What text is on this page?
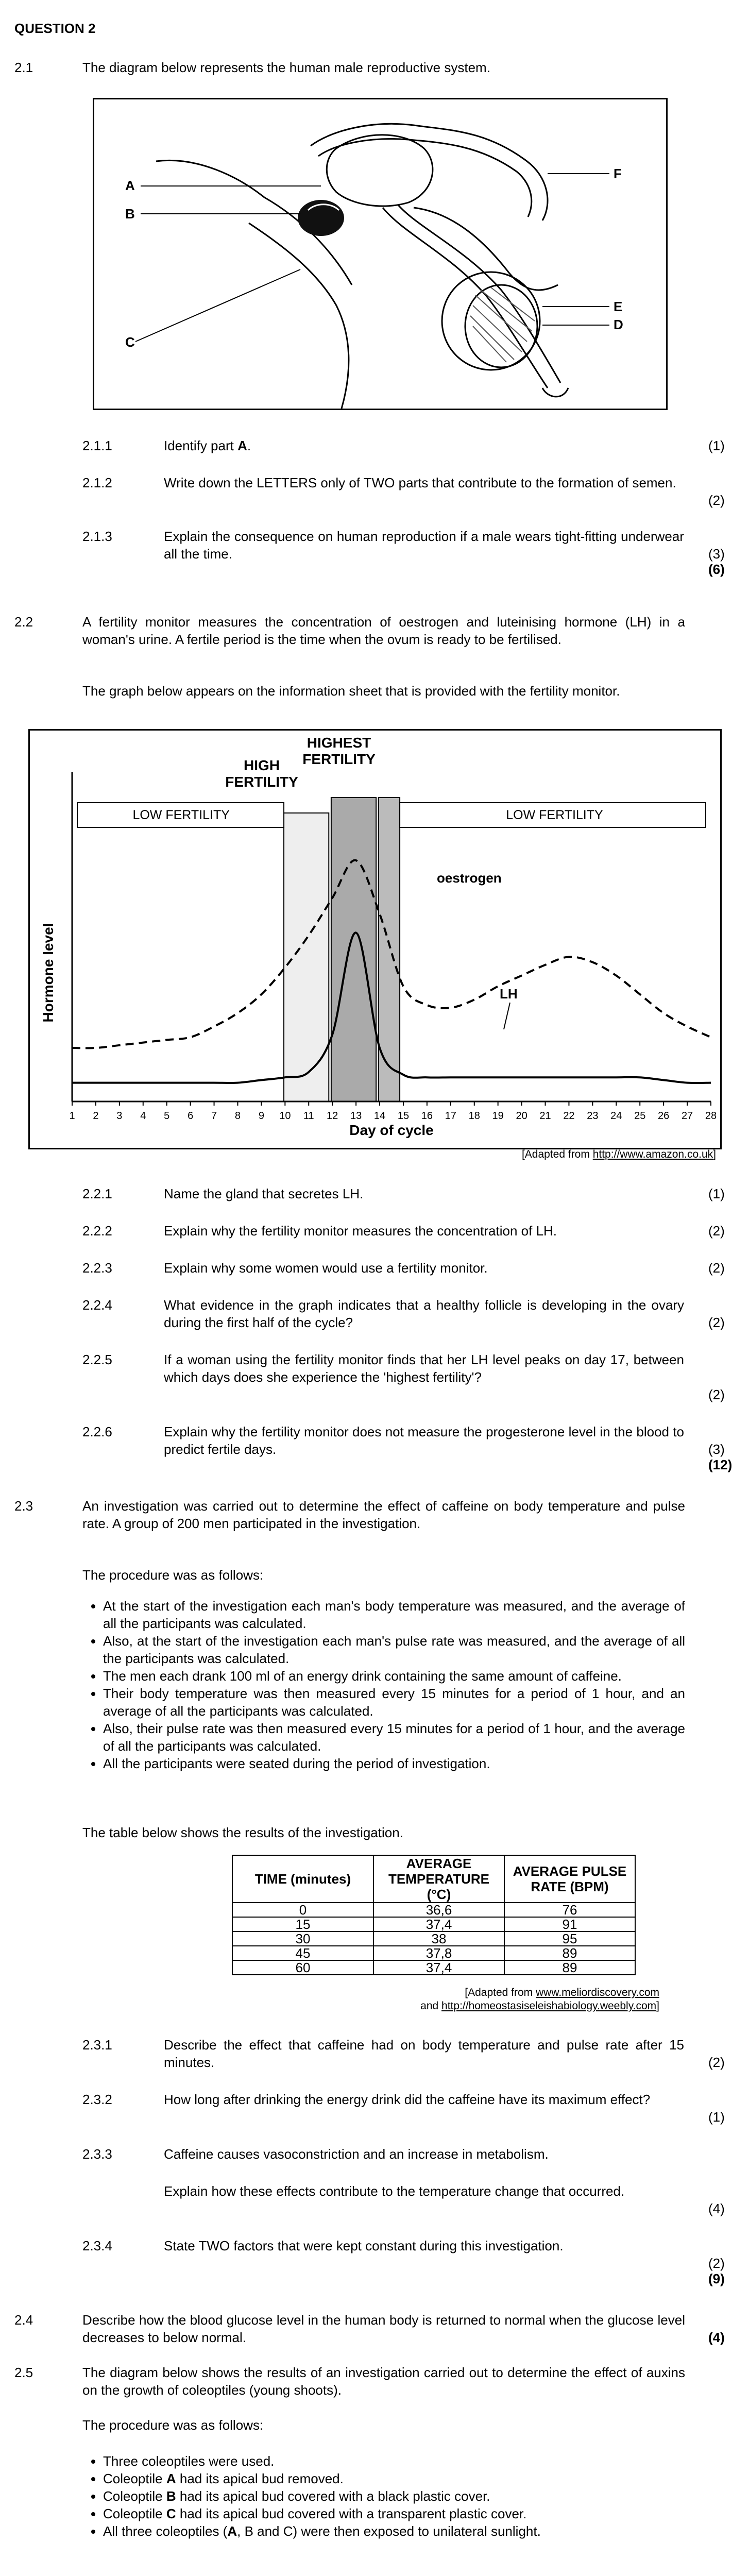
QUESTION 2
2.1	The diagram below represents the human male reproductive system.
A
B
C
D
E
F
2.1.1	Identify part A.	(1)
2.1.2	Write down the LETTERS only of TWO parts that contribute to the formation of semen.
(2)
2.1.3	Explain the consequence on human reproduction if a male wears tight-fitting underwear all the time.	(3)
(6)
2.2	A fertility monitor measures the concentration of oestrogen and luteinising hormone (LH) in a woman's urine. A fertile period is the time when the ovum is ready to be fertilised.
The graph below appears on the information sheet that is provided with the fertility monitor.
LOW FERTILITY	LOW FERTILITY
1 2 3 4 5 6 7 8 9 10 11 12 13 14 15 16 17 18 19 20 21 22 23 24 25 26 27 28
oestrogen
LH
Hormone level
Day of cycle
HIGH FERTILITY
HIGHEST FERTILITY
[Adapted from http://www.amazon.co.uk]
2.2.1	Name the gland that secretes LH.	(1)
2.2.2	Explain why the fertility monitor measures the concentration of LH.	(2)
2.2.3	Explain why some women would use a fertility monitor.	(2)
2.2.4	What evidence in the graph indicates that a healthy follicle is developing in the ovary during the first half of the cycle?	(2)
2.2.5	If a woman using the fertility monitor finds that her LH level peaks on day 17, between which days does she experience the 'highest fertility'?
(2)
2.2.6	Explain why the fertility monitor does not measure the progesterone level in the blood to predict fertile days.	(3)
(12)
2.3	An investigation was carried out to determine the effect of caffeine on body temperature and pulse rate. A group of 200 men participated in the investigation.
The procedure was as follows:
• At the start of the investigation each man's body temperature was measured, and the average of all the participants was calculated.
• Also, at the start of the investigation each man's pulse rate was measured, and the average of all the participants was calculated.
• The men each drank 100 ml of an energy drink containing the same amount of caffeine.
• Their body temperature was then measured every 15 minutes for a period of 1 hour, and an average of all the participants was calculated.
• Also, their pulse rate was then measured every 15 minutes for a period of 1 hour, and the average of all the participants was calculated.
• All the participants were seated during the period of investigation.
The table below shows the results of the investigation.
TIME (minutes)	AVERAGE TEMPERATURE (°C)	AVERAGE PULSE RATE (BPM)
0	36,6	76
15	37,4	91
30	38	95
45	37,8	89
60	37,4	89
[Adapted from www.meliordiscovery.com
and http://homeostasiseleishabiology.weebly.com]
2.3.1	Describe the effect that caffeine had on body temperature and pulse rate after 15 minutes.	(2)
2.3.2	How long after drinking the energy drink did the caffeine have its maximum effect?
(1)
2.3.3	Caffeine causes vasoconstriction and an increase in metabolism.
Explain how these effects contribute to the temperature change that occurred.
(4)
2.3.4	State TWO factors that were kept constant during this investigation.
(2)
(9)
2.4	Describe how the blood glucose level in the human body is returned to normal when the glucose level decreases to below normal.	(4)
2.5	The diagram below shows the results of an investigation carried out to determine the effect of auxins on the growth of coleoptiles (young shoots).
The procedure was as follows:
• Three coleoptiles were used.
• Coleoptile A had its apical bud removed.
• Coleoptile B had its apical bud covered with a black plastic cover.
• Coleoptile C had its apical bud covered with a transparent plastic cover.
• All three coleoptiles (A, B and C) were then exposed to unilateral sunlight.
